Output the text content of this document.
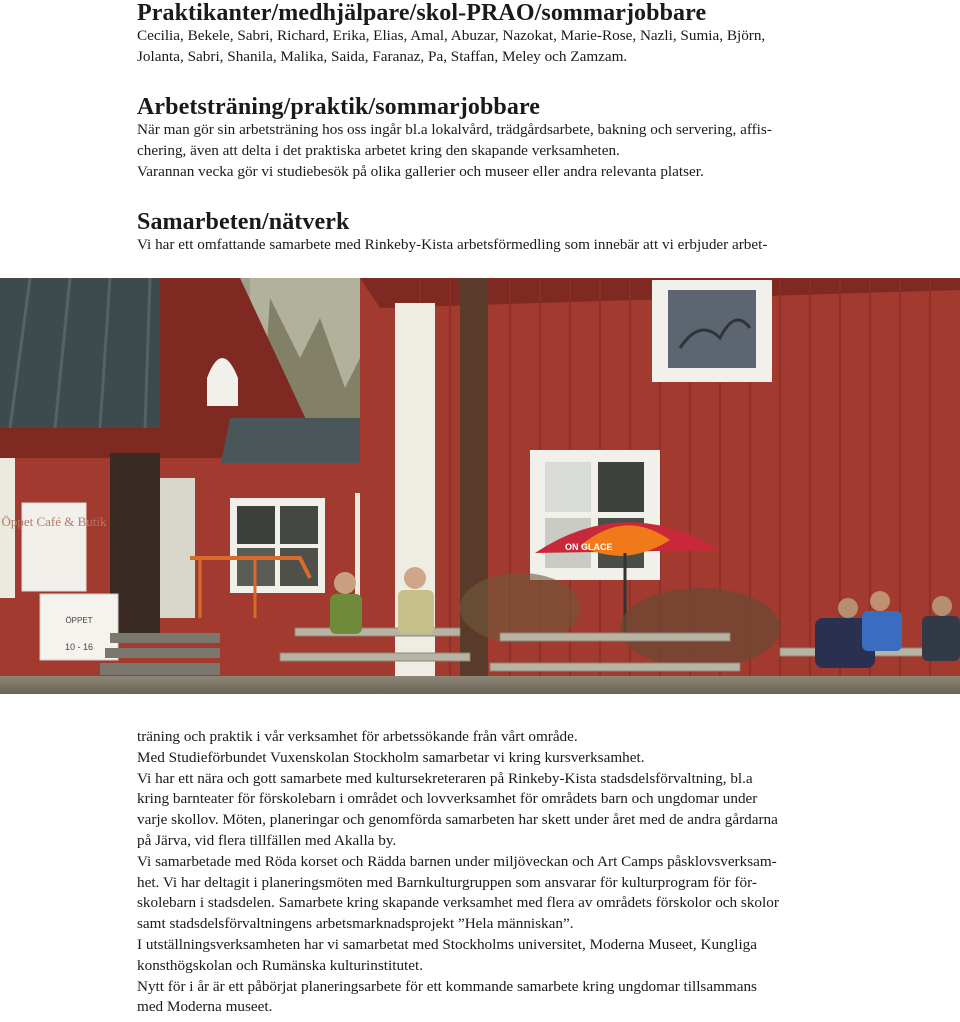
Praktikanter/medhjälpare/skol-PRAO/sommarjobbare

Cecilia, Bekele, Sabri, Richard, Erika, Elias, Amal, Abuzar, Nazokat, Marie-Rose, Nazli, Sumia, Björn,

Jolanta, Sabri, Shanila, Malika, Saida, Faranaz, Pa, Staffan, Meley och Zamzam.

Arbetsträning/praktik/sommarjobbare

När man gör sin arbetsträning hos oss ingår bl.a lokalvård, trädgårdsarbete, bakning och servering, affis-

chering, även att delta i det praktiska arbetet kring den skapande verksamheten.

Varannan vecka gör vi studiebesök på olika gallerier och museer eller andra relevanta platser.

Samarbeten/nätverk

Vi har ett omfattande samarbete med Rinkeby-Kista arbetsförmedling som innebär att vi erbjuder arbet-

Öppet Café & Butik
ÖPPET
10 - 16
ON GLACE

träning och praktik i vår verksamhet för arbetssökande från vårt område.

Med Studieförbundet Vuxenskolan Stockholm samarbetar vi kring kursverksamhet.

Vi har ett nära och gott samarbete med kultursekreteraren på Rinkeby-Kista stadsdelsförvaltning, bl.a

kring barnteater för förskolebarn i området och lovverksamhet för områdets barn och ungdomar under

varje skollov. Möten, planeringar och genomförda samarbeten har skett under året med de andra gårdarna

på Järva, vid flera tillfällen med Akalla by.

Vi samarbetade med Röda korset och Rädda barnen under miljöveckan och Art Camps påsklovsverksam-

het. Vi har deltagit i planeringsmöten med Barnkulturgruppen som ansvarar för kulturprogram för för-

skolebarn i stadsdelen. Samarbete kring skapande verksamhet med flera av områdets förskolor och skolor

samt stadsdelsförvaltningens arbetsmarknadsprojekt ”Hela människan”.

I utställningsverksamheten har vi samarbetat med Stockholms universitet, Moderna Museet, Kungliga

konsthögskolan och Rumänska kulturinstitutet.

Nytt för i år är ett påbörjat planeringsarbete för ett kommande samarbete kring ungdomar tillsammans

med Moderna museet.
